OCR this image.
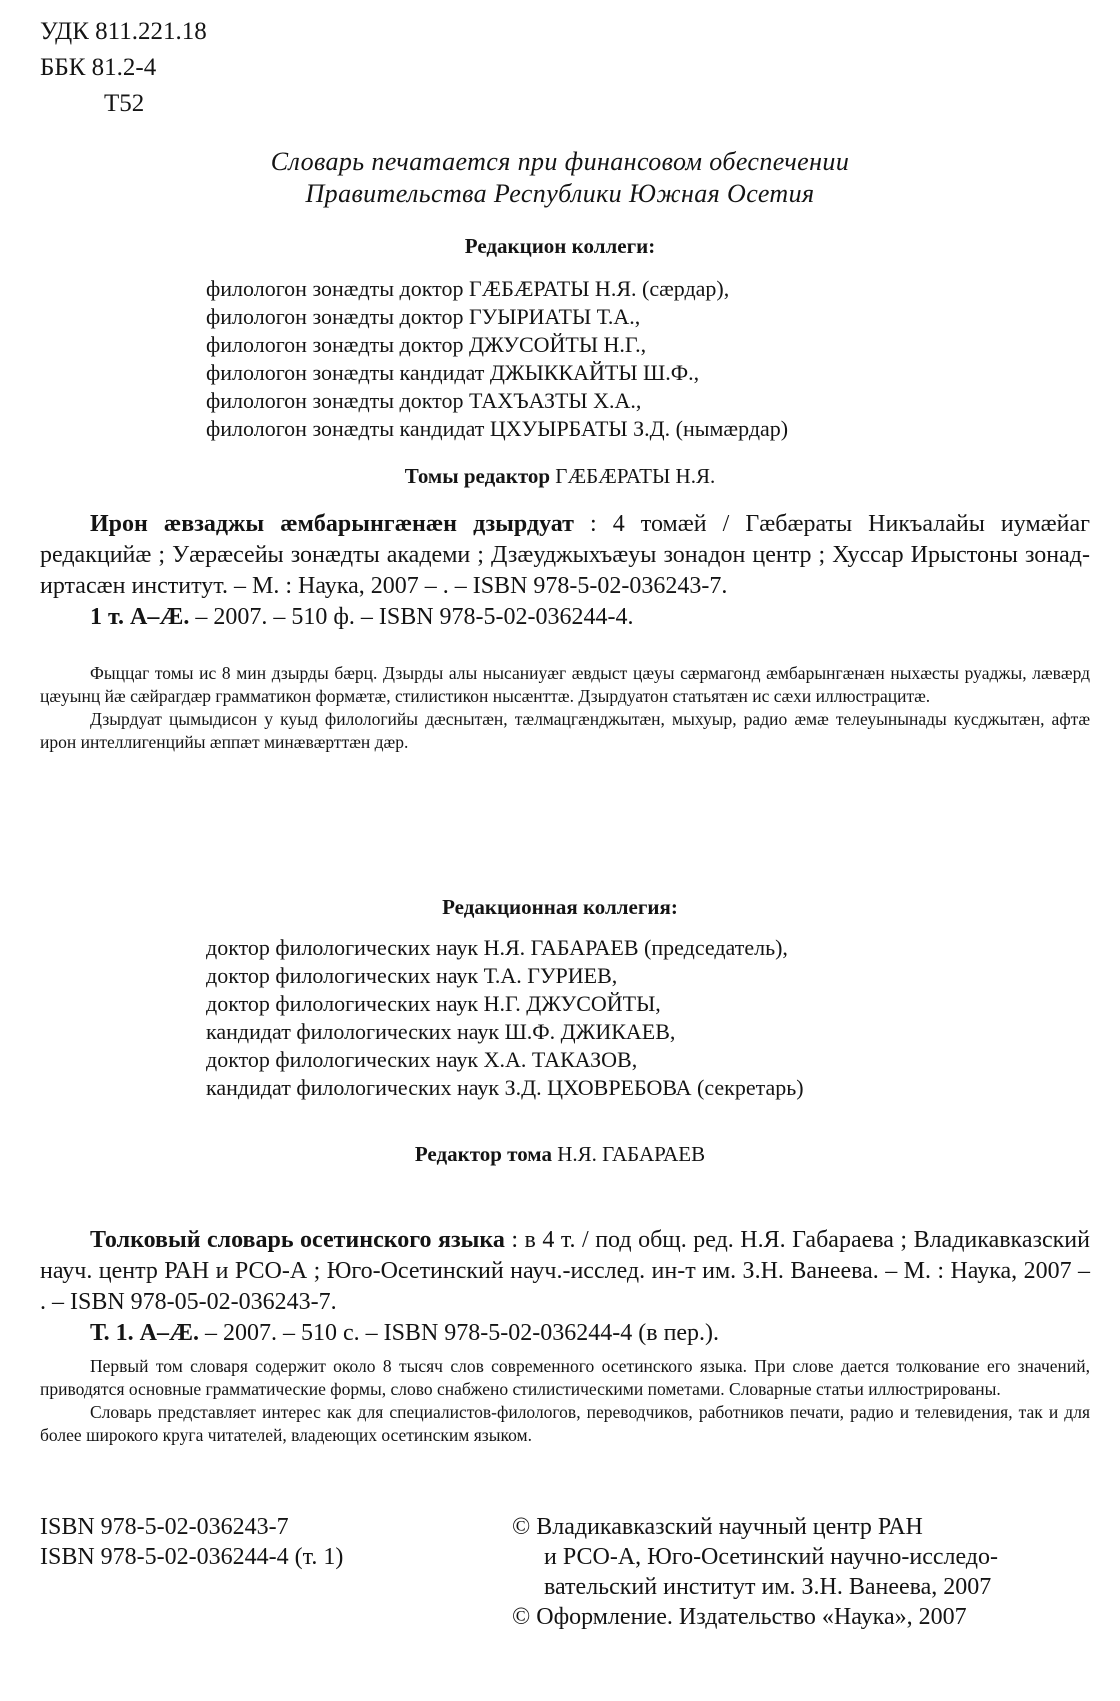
УДК 811.221.18
ББК 81.2-4
Т52
Словарь печатается при финансовом обеспечении
Правительства Республики Южная Осетия
Редакцион коллеги:
филологон зонæдты доктор ГÆБÆРАТЫ Н.Я. (сæрдар),
филологон зонæдты доктор ГУЫРИАТЫ Т.А.,
филологон зонæдты доктор ДЖУСОЙТЫ Н.Г.,
филологон зонæдты кандидат ДЖЫККАЙТЫ Ш.Ф.,
филологон зонæдты доктор ТАХЪАЗТЫ Х.А.,
филологон зонæдты кандидат ЦХУЫРБАТЫ З.Д. (нымæрдар)
Томы редактор ГÆБÆРАТЫ Н.Я.
Ирон æвзаджы æмбарынгæнæн дзырдуат : 4 томæй / Гæбæраты Никъалайы иумæйаг редакцийæ ; Уæрæсейы зонæдты академи ; Дзæуджыхъæуы зонадон центр ; Хуссар Ирыстоны зонад-иртасæн институт. – М. : Наука, 2007 – . – ISBN 978-5-02-036243-7.
1 т. А–Æ. – 2007. – 510 ф. – ISBN 978-5-02-036244-4.

Фыццаг томы ис 8 мин дзырды бæрц. Дзырды алы нысаниуæг æвдыст цæуы сæрмагонд æмбарынгæнæн ныхæсты руаджы, лæвæрд цæуынц йæ сæйрагдæр грамматикон формæтæ, стилистикон нысæнттæ. Дзырдуатон статьятæн ис сæхи иллюстрацитæ.

Дзырдуат цымыдисон у куыд филологийы дæснытæн, тæлмацгæнджытæн, мыхуыр, радио æмæ телеуынынады кусджытæн, афтæ ирон интеллигенцийы æппæт минæвæрттæн дæр.

Редакционная коллегия:
доктор филологических наук Н.Я. ГАБАРАЕВ (председатель),
доктор филологических наук Т.А. ГУРИЕВ,
доктор филологических наук Н.Г. ДЖУСОЙТЫ,
кандидат филологических наук Ш.Ф. ДЖИКАЕВ,
доктор филологических наук Х.А. ТАКАЗОВ,
кандидат филологических наук З.Д. ЦХОВРЕБОВА (секретарь)
Редактор тома Н.Я. ГАБАРАЕВ
Толковый словарь осетинского языка : в 4 т. / под общ. ред. Н.Я. Габараева ; Владикавказский науч. центр РАН и РСО-А ; Юго-Осетинский науч.-исслед. ин-т им. З.Н. Ванеева. – М. : Наука, 2007 – . – ISBN 978-05-02-036243-7.
Т. 1. А–Æ. – 2007. – 510 с. – ISBN 978-5-02-036244-4 (в пер.).

Первый том словаря содержит около 8 тысяч слов современного осетинского языка. При слове дается толкование его значений, приводятся основные грамматические формы, слово снабжено стилистическими пометами. Словарные статьи иллюстрированы.

Словарь представляет интерес как для специалистов-филологов, переводчиков, работников печати, радио и телевидения, так и для более широкого круга читателей, владеющих осетинским языком.

ISBN 978-5-02-036243-7
ISBN 978-5-02-036244-4 (т. 1)
© Владикавказский научный центр РАН
и РСО-А, Юго-Осетинский научно-исследо-
вательский институт им. З.Н. Ванеева, 2007
© Оформление. Издательство «Наука», 2007
